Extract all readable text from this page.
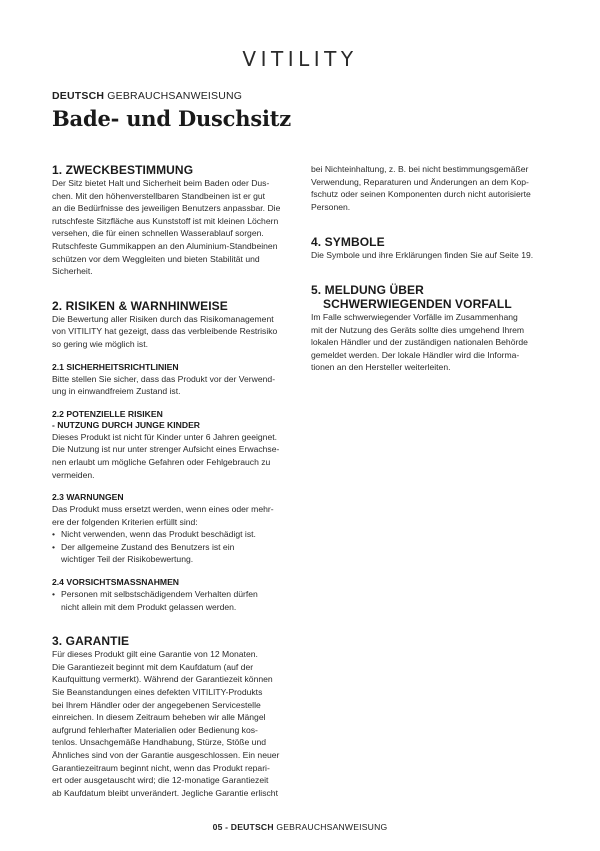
VITILITY
DEUTSCH GEBRAUCHSANWEISUNG
Bade- und Duschsitz
1. ZWECKBESTIMMUNG
Der Sitz bietet Halt und Sicherheit beim Baden oder Dus-
chen. Mit den höhenverstellbaren Standbeinen ist er gut
an die Bedürfnisse des jeweiligen Benutzers anpassbar. Die
rutschfeste Sitzfläche aus Kunststoff ist mit kleinen Löchern
versehen, die für einen schnellen Wasserablauf sorgen.
Rutschfeste Gummikappen an den Aluminium-Standbeinen
schützen vor dem Weggleiten und bieten Stabilität und
Sicherheit.
2. RISIKEN & WARNHINWEISE
Die Bewertung aller Risiken durch das Risikomanagement
von VITILITY hat gezeigt, dass das verbleibende Restrisiko
so gering wie möglich ist.
2.1 SICHERHEITSRICHTLINIEN
Bitte stellen Sie sicher, dass das Produkt vor der Verwend-
ung in einwandfreiem Zustand ist.
2.2 POTENZIELLE RISIKEN
- NUTZUNG DURCH JUNGE KINDER
Dieses Produkt ist nicht für Kinder unter 6 Jahren geeignet.
Die Nutzung ist nur unter strenger Aufsicht eines Erwachse-
nen erlaubt um mögliche Gefahren oder Fehlgebrauch zu
vermeiden.
2.3 WARNUNGEN
Das Produkt muss ersetzt werden, wenn eines oder mehr-
ere der folgenden Kriterien erfüllt sind:
• Nicht verwenden, wenn das Produkt beschädigt ist.
• Der allgemeine Zustand des Benutzers ist ein
wichtiger Teil der Risikobewertung.
2.4 VORSICHTSMASSNAHMEN
• Personen mit selbstschädigendem Verhalten dürfen
nicht allein mit dem Produkt gelassen werden.
3. GARANTIE
Für dieses Produkt gilt eine Garantie von 12 Monaten.
Die Garantiezeit beginnt mit dem Kaufdatum (auf der
Kaufquittung vermerkt). Während der Garantiezeit können
Sie Beanstandungen eines defekten VITILITY-Produkts
bei Ihrem Händler oder der angegebenen Servicestelle
einreichen. In diesem Zeitraum beheben wir alle Mängel
aufgrund fehlerhafter Materialien oder Bedienung kos-
tenlos. Unsachgemäße Handhabung, Stürze, Stöße und
Ähnliches sind von der Garantie ausgeschlossen. Ein neuer
Garantiezeitraum beginnt nicht, wenn das Produkt repari-
ert oder ausgetauscht wird; die 12-monatige Garantiezeit
ab Kaufdatum bleibt unverändert. Jegliche Garantie erlischt
bei Nichteinhaltung, z. B. bei nicht bestimmungsgemäßer
Verwendung, Reparaturen und Änderungen an dem Kop-
fschutz oder seinen Komponenten durch nicht autorisierte
Personen.
4. SYMBOLE
Die Symbole und ihre Erklärungen finden Sie auf Seite 19.
5. MELDUNG ÜBER
SCHWERWIEGENDEN VORFALL
Im Falle schwerwiegender Vorfälle im Zusammenhang
mit der Nutzung des Geräts sollte dies umgehend Ihrem
lokalen Händler und der zuständigen nationalen Behörde
gemeldet werden. Der lokale Händler wird die Informa-
tionen an den Hersteller weiterleiten.
05 - DEUTSCH GEBRAUCHSANWEISUNG
